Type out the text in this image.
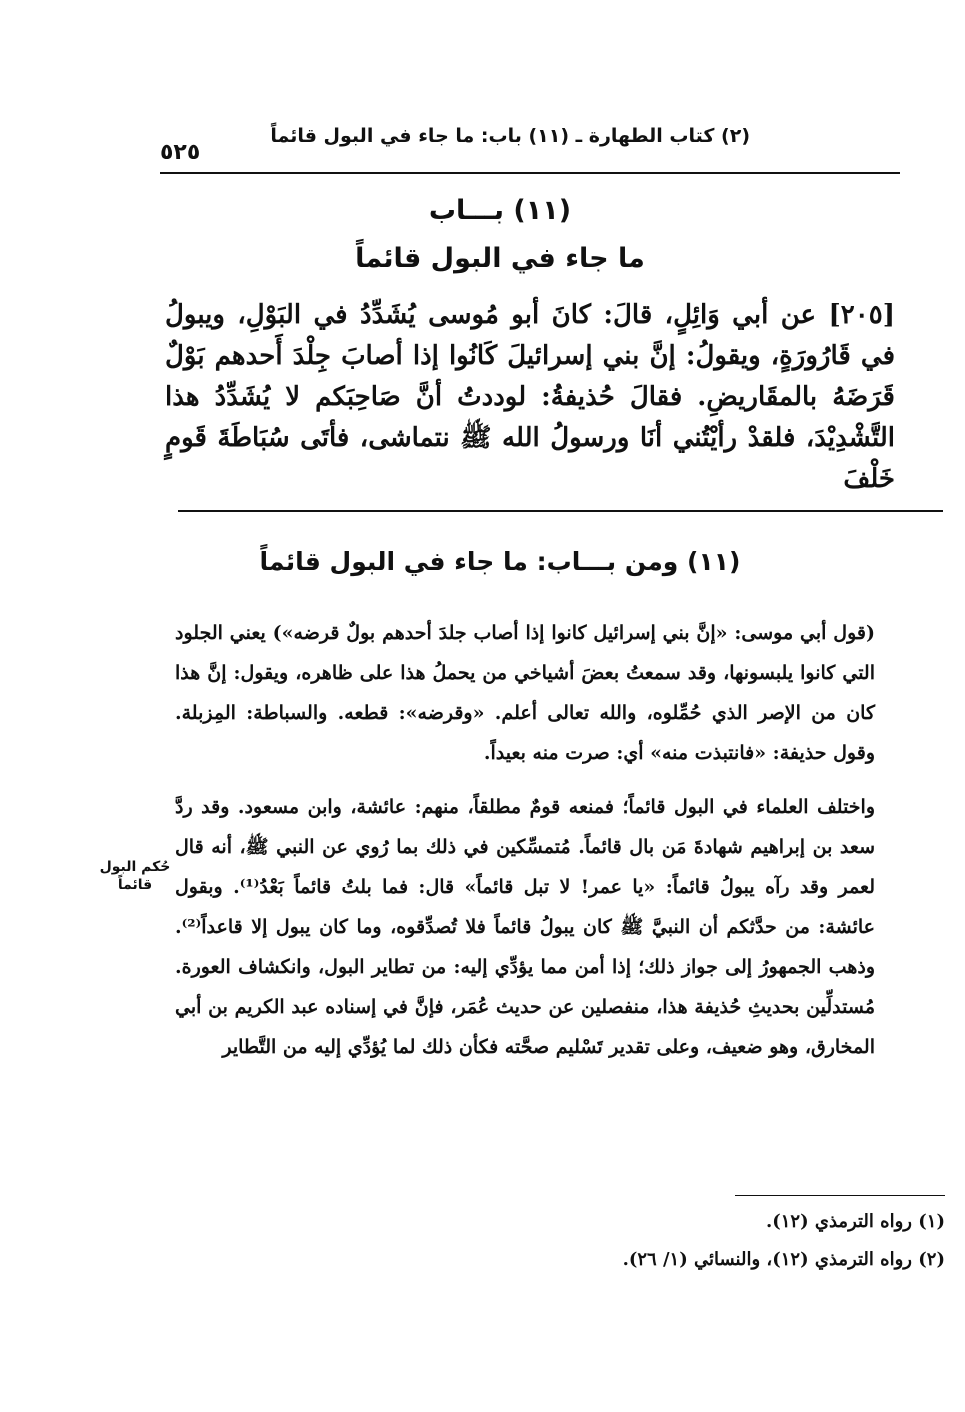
(٢) كتاب الطهارة ـ (١١) باب: ما جاء في البول قائماً
٥٢٥
(١١) بـــاب
ما جاء في البول قائماً
[٢٠٥] عن أبي وَائِلٍ، قالَ: كانَ أبو مُوسى يُشَدِّدُ في البَوْلِ، ويبولُ في قَارُورَةٍ، ويقولُ: إنَّ بني إسرائيلَ كَانُوا إذا أصابَ جِلْدَ أَحدهم بَوْلٌ قَرَضَهُ بالمقَاريضِ. فقالَ حُذيفةُ: لوددتُ أنَّ صَاحِبَكم لا يُشَدِّدُ هذا التَّشْدِيْدَ، فلقدْ رأيْتُني أنَا ورسولُ الله ﷺ نتماشى، فأتَى سُبَاطَةَ قَومٍ خَلْفَ
(١١) ومن بـــاب: ما جاء في البول قائماً

(قول أبي موسى: «إنَّ بني إسرائيل كانوا إذا أصاب جلدَ أحدهم بولٌ قرضه») يعني الجلود التي كانوا يلبسونها، وقد سمعتُ بعضَ أشياخي من يحملُ هذا على ظاهره، ويقول: إنَّ هذا كان من الإصر الذي حُمِّلوه، والله تعالى أعلم. «وقرضه»: قطعه. والسباطة: المِزبلة. وقول حذيفة: «فانتبذت منه» أي: صرت منه بعيداً.

واختلف العلماء في البول قائماً؛ فمنعه قومٌ مطلقاً، منهم: عائشة، وابن مسعود. وقد ردَّ سعد بن إبراهيم شهادةَ مَن بال قائماً. مُتمسِّكين في ذلك بما رُوي عن النبي ﷺ، أنه قال لعمر وقد رآه يبولُ قائماً: «يا عمر! لا تبل قائماً» قال: فما بلتُ قائماً بَعْدُ⁽¹⁾. وبقول عائشة: من حدَّثكم أن النبيَّ ﷺ كان يبولُ قائماً فلا تُصدِّقوه، وما كان يبول إلا قاعداً⁽²⁾. وذهب الجمهورُ إلى جواز ذلك؛ إذا أمن مما يؤدِّي إليه: من تطاير البول، وانكشاف العورة. مُستدلِّين بحديثِ حُذيفة هذا، منفصلين عن حديث عُمَر، فإنَّ في إسناده عبد الكريم بن أبي المخارق، وهو ضعيف، وعلى تقدير تَسْليم صحَّته فكأن ذلك لما يُؤدِّي إليه من التَّطاير

حُكم البول قائماً
(١) رواه الترمذي (١٢).
(٢) رواه الترمذي (١٢)، والنسائي (١/ ٢٦).
